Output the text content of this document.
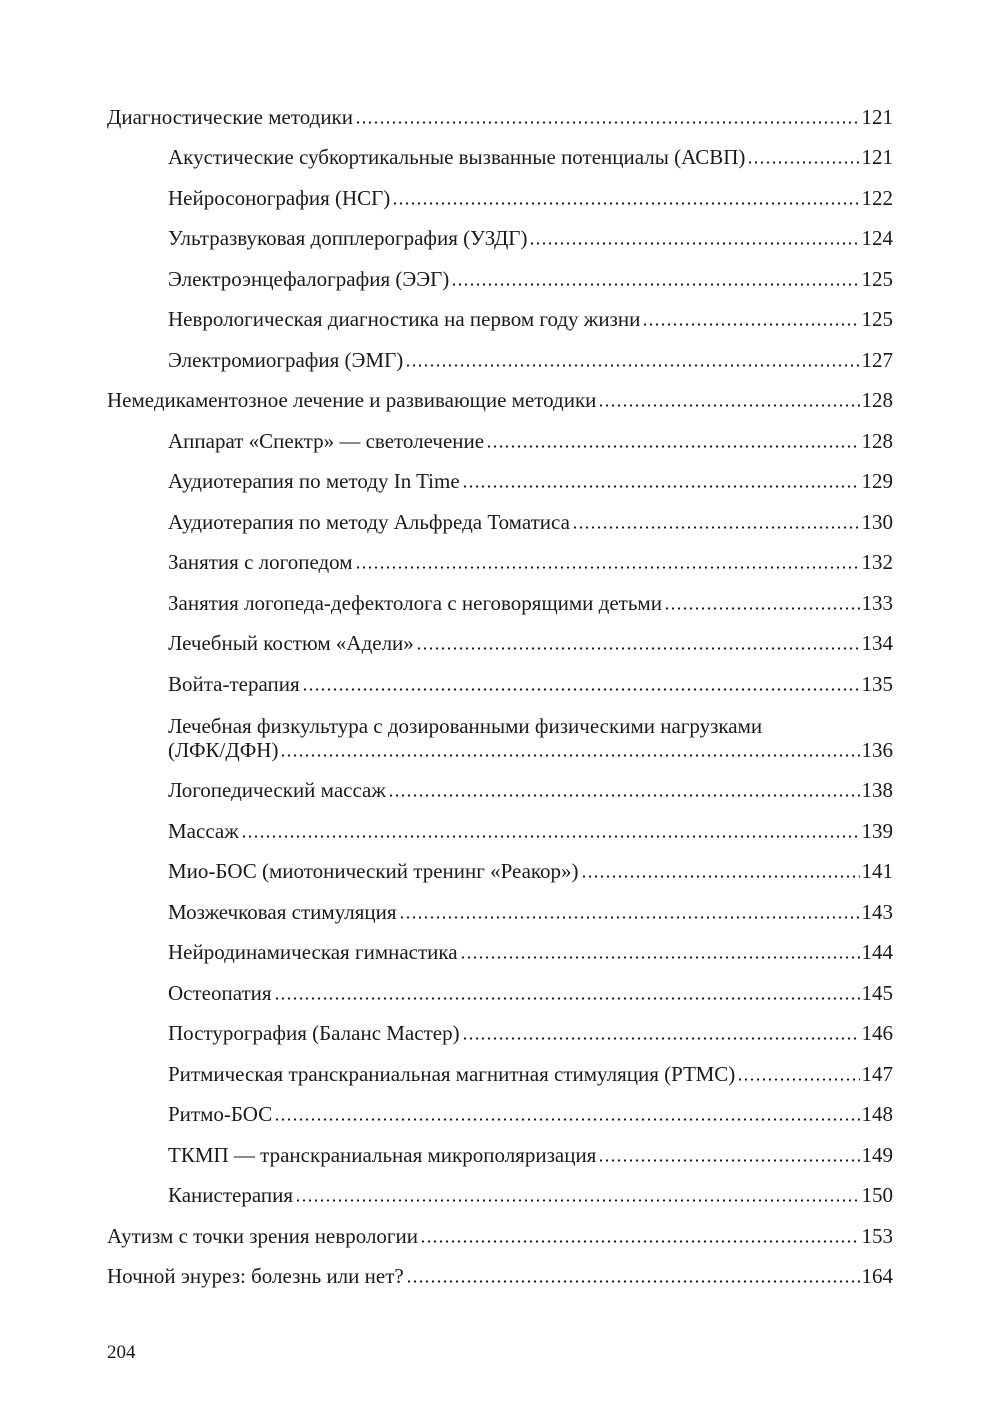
Диагностические методики	121
Акустические субкортикальные вызванные потенциалы (АСВП)	121
Нейросонография (НСГ)	122
Ультразвуковая допплерография (УЗДГ)	124
Электроэнцефалография (ЭЭГ)	125
Неврологическая диагностика на первом году жизни	125
Электромиография (ЭМГ)	127
Немедикаментозное лечение и развивающие методики	128
Аппарат «Спектр» — светолечение	128
Аудиотерапия по методу In Time	129
Аудиотерапия по методу Альфреда Томатиса	130
Занятия с логопедом	132
Занятия логопеда-дефектолога с неговорящими детьми	133
Лечебный костюм «Адели»	134
Войта-терапия	135
Лечебная физкультура с дозированными физическими нагрузками
(ЛФК/ДФН)	136
Логопедический массаж	138
Массаж	139
Мио-БОС (миотонический тренинг «Реакор»)	141
Мозжечковая стимуляция	143
Нейродинамическая гимнастика	144
Остеопатия	145
Постурография (Баланс Мастер)	146
Ритмическая транскраниальная магнитная стимуляция (РТМС)	147
Ритмо-БОС	148
ТКМП — транскраниальная микрополяризация	149
Канистерапия	150
Аутизм с точки зрения неврологии	153
Ночной энурез: болезнь или нет?	164
204
